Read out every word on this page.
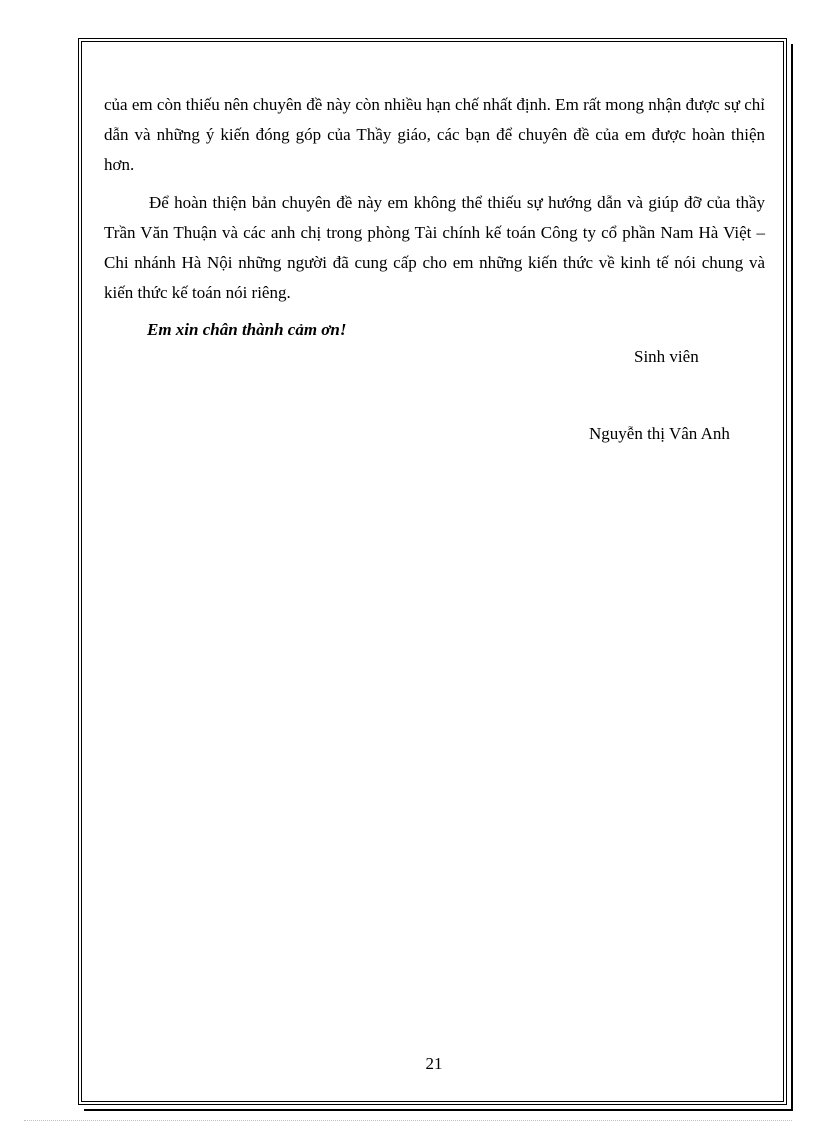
của em còn thiếu nên chuyên đề này còn nhiều hạn chế nhất định. Em rất mong nhận được sự chỉ dẫn và những ý kiến đóng góp của Thầy giáo, các bạn để chuyên đề của em được hoàn thiện hơn.

Để hoàn thiện bản chuyên đề này em không thể thiếu sự hướng dẫn và giúp đỡ của thầy Trần Văn Thuận và các anh chị trong phòng Tài chính kế toán Công ty cổ phần Nam Hà Việt – Chi nhánh Hà Nội những người đã cung cấp cho em những kiến thức về kinh tế nói chung và kiến thức kế toán nói riêng.

Em xin chân thành cảm ơn!

Sinh viên
Nguyễn thị Vân Anh
21
